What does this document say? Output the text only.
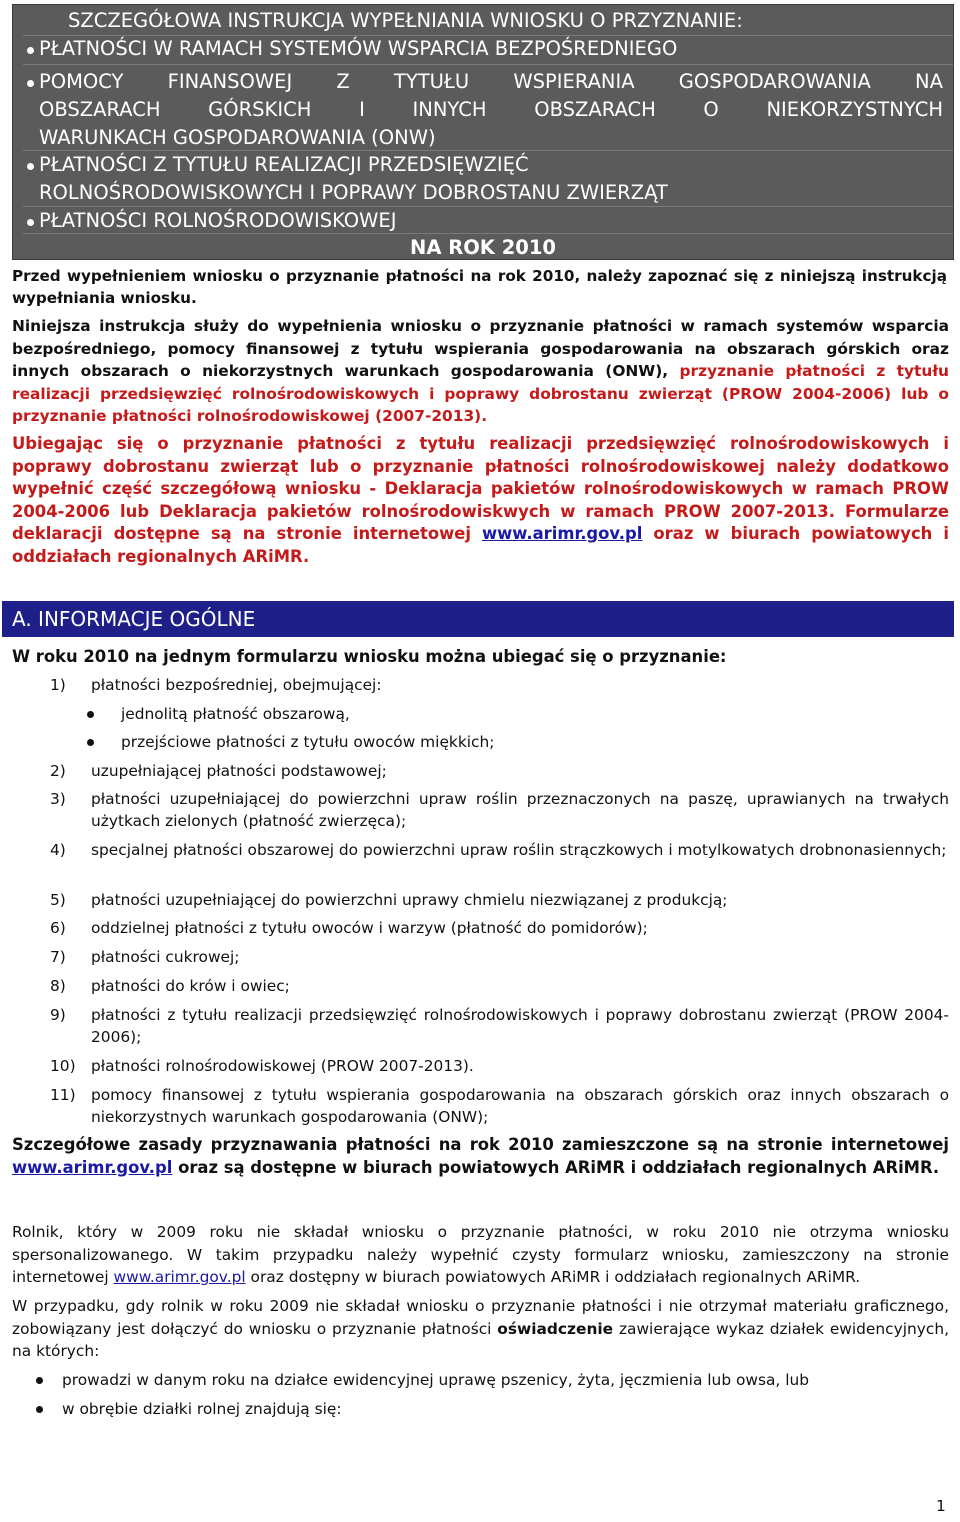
SZCZEGÓŁOWA INSTRUKCJA WYPEŁNIANIA WNIOSKU O PRZYZNANIE:
PŁATNOŚCI W RAMACH SYSTEMÓW WSPARCIA BEZPOŚREDNIEGO
POMOCY FINANSOWEJ Z TYTUŁU WSPIERANIA GOSPODAROWANIA NA
OBSZARACH GÓRSKICH I INNYCH OBSZARACH O NIEKORZYSTNYCH
WARUNKACH GOSPODAROWANIA (ONW)
PŁATNOŚCI Z TYTUŁU REALIZACJI PRZEDSIĘWZIĘĆ
ROLNOŚRODOWISKOWYCH I POPRAWY DOBROSTANU ZWIERZĄT
PŁATNOŚCI ROLNOŚRODOWISKOWEJ
NA ROK 2010

Przed wypełnieniem wniosku o przyznanie płatności na rok 2010, należy zapoznać się z niniejszą instrukcją wypełniania wniosku.

Niniejsza instrukcja służy do wypełnienia wniosku o przyznanie płatności w ramach systemów wsparcia bezpośredniego, pomocy finansowej z tytułu wspierania gospodarowania na obszarach górskich oraz innych obszarach o niekorzystnych warunkach gospodarowania (ONW), przyznanie płatności z tytułu realizacji przedsięwzięć rolnośrodowiskowych i poprawy dobrostanu zwierząt (PROW 2004-2006) lub o przyznanie płatności rolnośrodowiskowej (2007-2013).

Ubiegając się o przyznanie płatności z tytułu realizacji przedsięwzięć rolnośrodowiskowych i poprawy dobrostanu zwierząt lub o przyznanie płatności rolnośrodowiskowej należy dodatkowo wypełnić część szczegółową wniosku - Deklaracja pakietów rolnośrodowiskowych w ramach PROW 2004-2006 lub Deklaracja pakietów rolnośrodowiskwych w ramach PROW 2007-2013. Formularze deklaracji dostępne są na stronie internetowej www.arimr.gov.pl oraz w biurach powiatowych i oddziałach regionalnych ARiMR.

A. INFORMACJE OGÓLNE
W roku 2010 na jednym formularzu wniosku można ubiegać się o przyznanie:
1) płatności bezpośredniej, obejmującej:
jednolitą płatność obszarową,
przejściowe płatności z tytułu owoców miękkich;
2) uzupełniającej płatności podstawowej;
3) płatności uzupełniającej do powierzchni upraw roślin przeznaczonych na paszę, uprawianych na trwałych użytkach zielonych (płatność zwierzęca);
4) specjalnej płatności obszarowej do powierzchni upraw roślin strączkowych i motylkowatych drobnonasiennych;
5) płatności uzupełniającej do powierzchni uprawy chmielu niezwiązanej z produkcją;
6) oddzielnej płatności z tytułu owoców i warzyw (płatność do pomidorów);
7) płatności cukrowej;
8) płatności do krów i owiec;
9) płatności z tytułu realizacji przedsięwzięć rolnośrodowiskowych i poprawy dobrostanu zwierząt (PROW 2004-2006);
10) płatności rolnośrodowiskowej (PROW 2007-2013).
11) pomocy finansowej z tytułu wspierania gospodarowania na obszarach górskich oraz innych obszarach o niekorzystnych warunkach gospodarowania (ONW);

Szczegółowe zasady przyznawania płatności na rok 2010 zamieszczone są na stronie internetowej www.arimr.gov.pl oraz są dostępne w biurach powiatowych ARiMR i oddziałach regionalnych ARiMR.

Rolnik, który w 2009 roku nie składał wniosku o przyznanie płatności, w roku 2010 nie otrzyma wniosku spersonalizowanego. W takim przypadku należy wypełnić czysty formularz wniosku, zamieszczony na stronie internetowej www.arimr.gov.pl oraz dostępny w biurach powiatowych ARiMR i oddziałach regionalnych ARiMR.

W przypadku, gdy rolnik w roku 2009 nie składał wniosku o przyznanie płatności i nie otrzymał materiału graficznego, zobowiązany jest dołączyć do wniosku o przyznanie płatności oświadczenie zawierające wykaz działek ewidencyjnych, na których:

prowadzi w danym roku na działce ewidencyjnej uprawę pszenicy, żyta, jęczmienia lub owsa, lub
w obrębie działki rolnej znajdują się:
1
